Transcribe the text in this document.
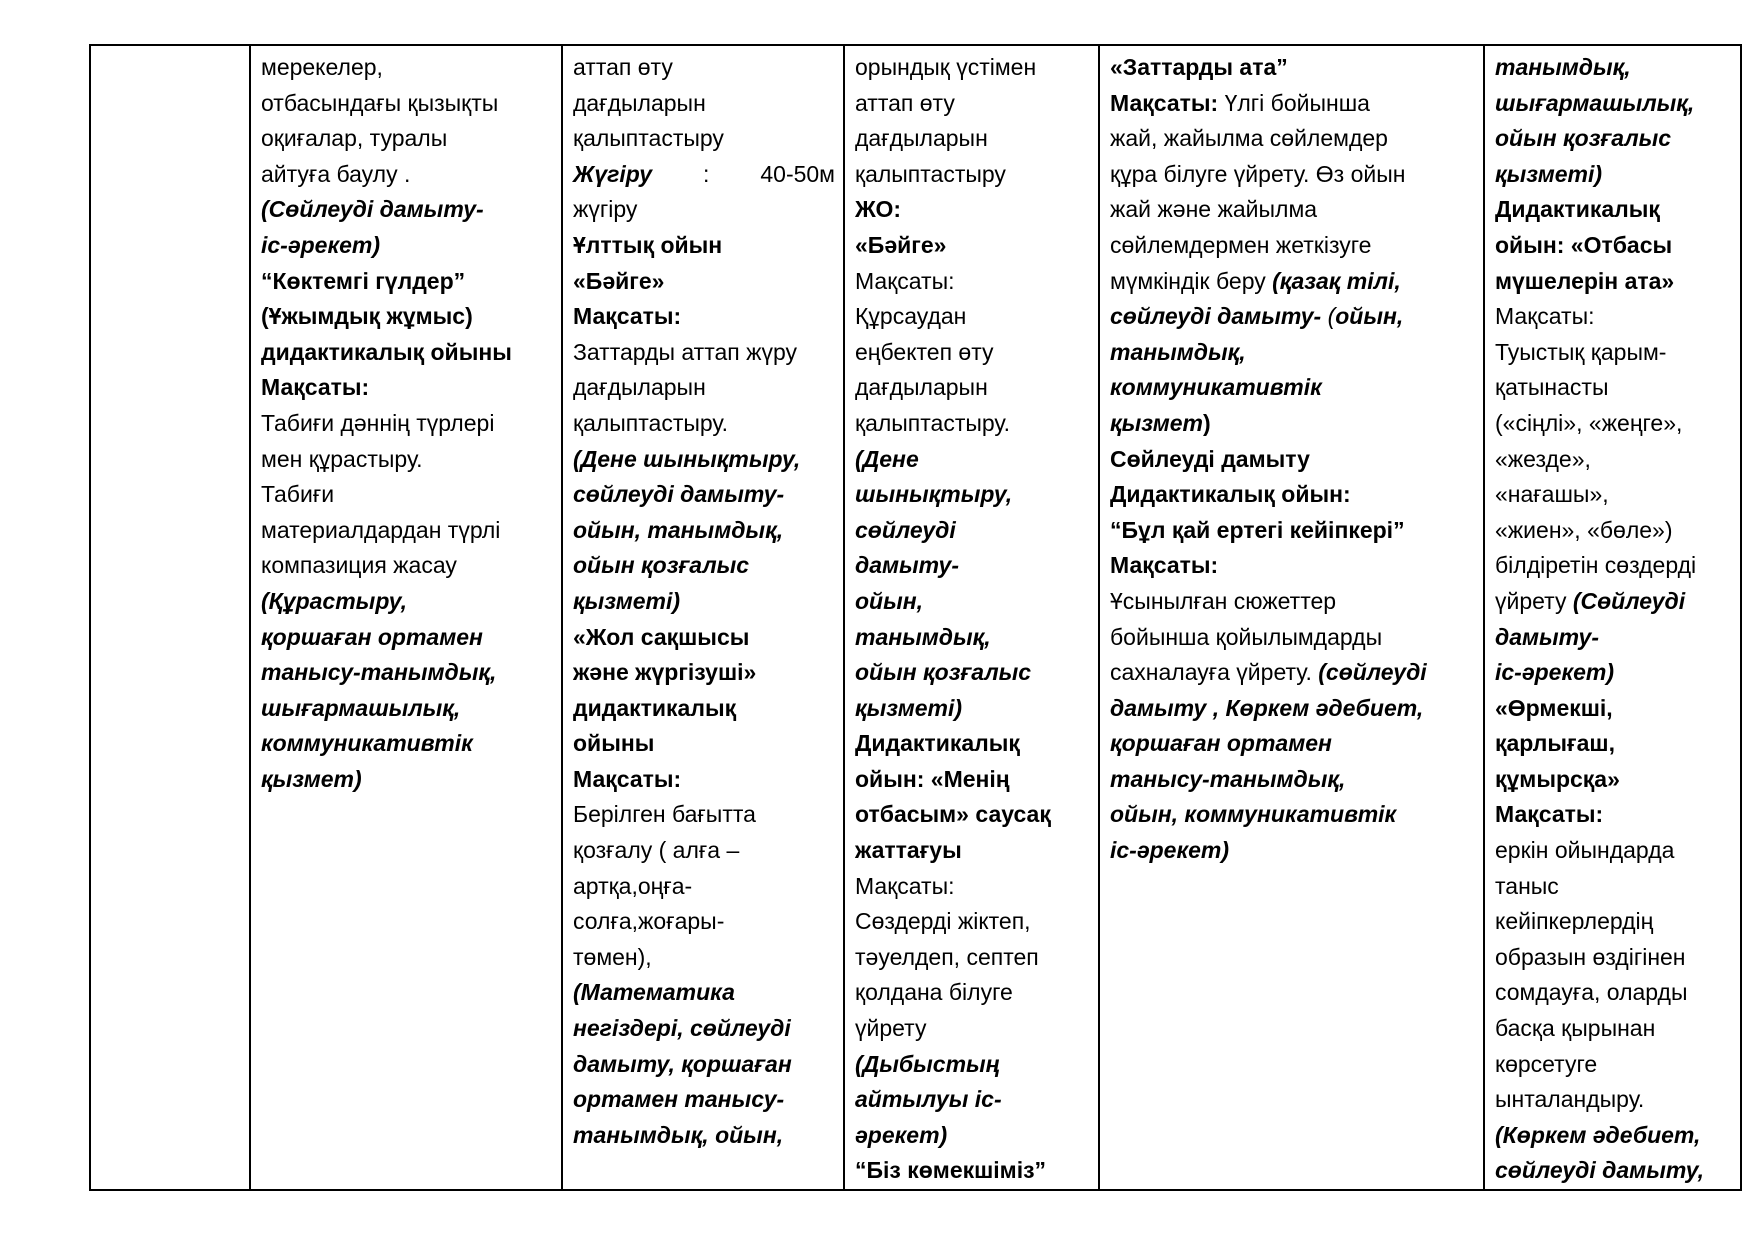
мерекелер,
отбасындағы қызықты
оқиғалар, туралы
айтуға баулу .
(Сөйлеуді дамыту-
іс-әрекет)
“Көктемгі гүлдер”
(Ұжымдық жұмыс)
дидактикалық ойыны
Мақсаты:
Табиғи дәннің түрлері
мен құрастыру.
Табиғи
материалдардан түрлі
компазиция жасау
(Құрастыру,
қоршаған ортамен
танысу-танымдық,
шығармашылық,
коммуникативтік
қызмет)

аттап өту
дағдыларын
қалыптастыру
Жүгіру : 40-50м
жүгіру
Ұлттық ойын
«Бәйге»
Мақсаты:
Заттарды аттап жүру
дағдыларын
қалыптастыру.
(Дене шынықтыру,
сөйлеуді дамыту-
ойын, танымдық,
ойын қозғалыс
қызметі)
«Жол сақшысы
және жүргізуші»
дидактикалық
ойыны
Мақсаты:
Берілген бағытта
қозғалу ( алға –
артқа,оңға-
солға,жоғары-
төмен),
(Математика
негіздері, сөйлеуді
дамыту, қоршаған
ортамен танысу-
танымдық, ойын,

орындық үстімен
аттап өту
дағдыларын
қалыптастыру
ЖО:
«Бәйге»
Мақсаты:
Құрсаудан
еңбектеп өту
дағдыларын
қалыптастыру.
(Дене
шынықтыру,
сөйлеуді
дамыту-
ойын,
танымдық,
ойын қозғалыс
қызметі)
Дидактикалық
ойын: «Менің
отбасым» саусақ
жаттағуы
Мақсаты:
Сөздерді жіктеп,
тәуелдеп, септеп
қолдана білуге
үйрету
(Дыбыстың
айтылуы іс-
әрекет)
“Біз көмекшіміз”

«Заттарды ата”
Мақсаты: Үлгі бойынша
жай, жайылма сөйлемдер
құра білуге үйрету. Өз ойын
жай және жайылма
сөйлемдермен жеткізуге
мүмкіндік беру (қазақ тілі,
сөйлеуді дамыту- (ойын,
танымдық,
коммуникативтік
қызмет)
Сөйлеуді дамыту
Дидактикалық ойын:
“Бұл қай ертегі кейіпкері”
Мақсаты:
Ұсынылған сюжеттер
бойынша қойылымдарды
сахналауға үйрету. (сөйлеуді
дамыту , Көркем әдебиет,
қоршаған ортамен
танысу-танымдық,
ойын, коммуникативтік
іс-әрекет)

танымдық,
шығармашылық,
ойын қозғалыс
қызметі)
Дидактикалық
ойын: «Отбасы
мүшелерін ата»
Мақсаты:
Туыстық қарым-
қатынасты
(«сіңлі», «жеңге»,
«жезде»,
«нағашы»,
«жиен», «бөле»)
білдіретін сөздерді
үйрету (Сөйлеуді
дамыту-
іс-әрекет)
«Өрмекші,
қарлығаш,
құмырсқа»
Мақсаты:
еркін ойындарда
таныс
кейіпкерлердің
образын өздігінен
сомдауға, оларды
басқа қырынан
көрсетуге
ынталандыру.
(Көркем әдебиет,
сөйлеуді дамыту,
